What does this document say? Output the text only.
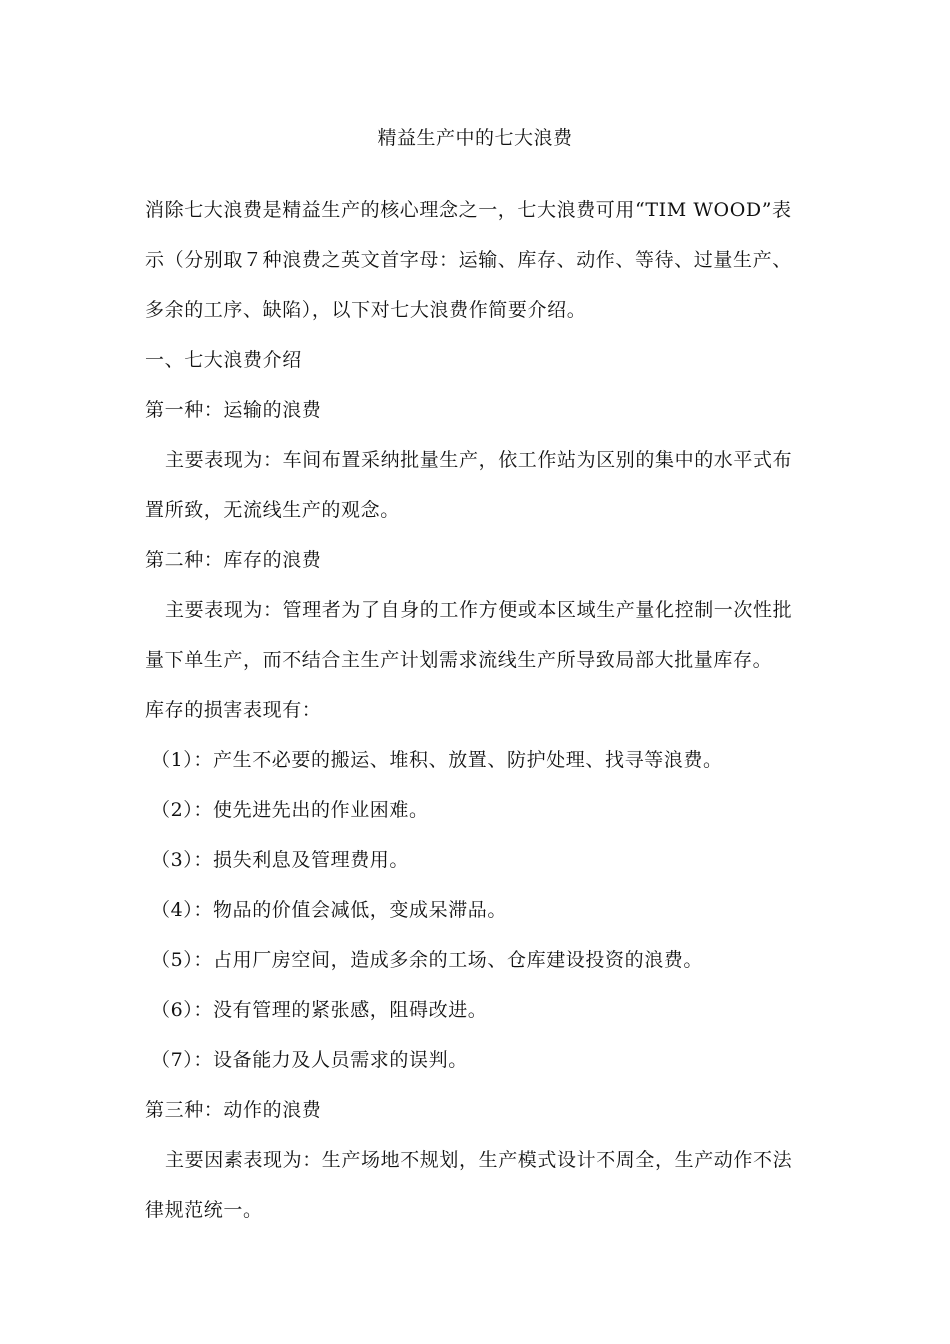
精益生产中的七大浪费

消除七大浪费是精益生产的核心理念之一，七大浪费可用“TIM WOOD”表示（分别取７种浪费之英文首字母：运输、库存、动作、等待、过量生产、多余的工序、缺陷），以下对七大浪费作简要介绍。

一、七大浪费介绍

第一种：运输的浪费

主要表现为：车间布置采纳批量生产，依工作站为区别的集中的水平式布置所致，无流线生产的观念。

第二种：库存的浪费

主要表现为：管理者为了自身的工作方便或本区域生产量化控制一次性批量下单生产，而不结合主生产计划需求流线生产所导致局部大批量库存。

库存的损害表现有：

（1）：产生不必要的搬运、堆积、放置、防护处理、找寻等浪费。

（2）：使先进先出的作业困难。

（3）：损失利息及管理费用。

（4）：物品的价值会减低，变成呆滞品。

（5）：占用厂房空间，造成多余的工场、仓库建设投资的浪费。

（6）：没有管理的紧张感，阻碍改进。

（7）：设备能力及人员需求的误判。

第三种：动作的浪费

主要因素表现为：生产场地不规划，生产模式设计不周全，生产动作不法律规范统一。
